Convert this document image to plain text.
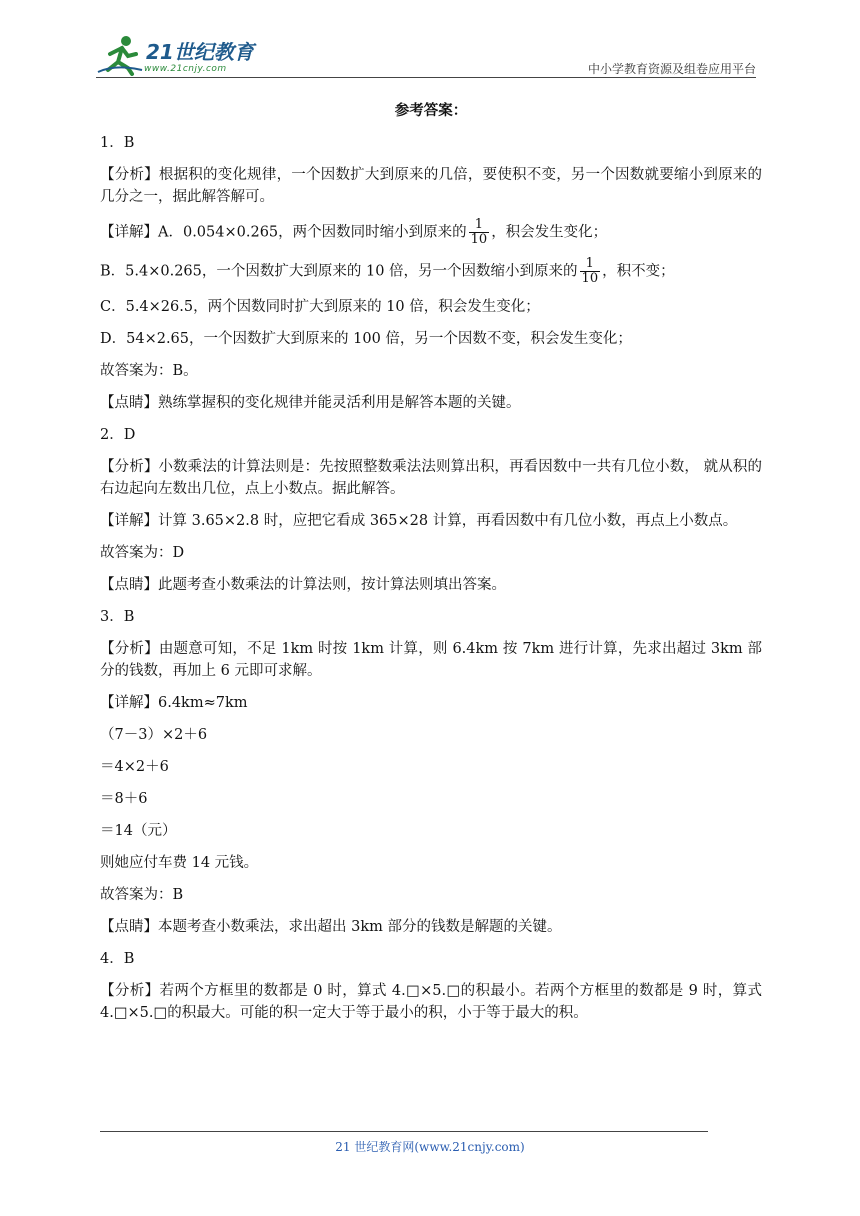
21世纪教育
www.21cnjy.com	中小学教育资源及组卷应用平台

参考答案：

1．B

【分析】根据积的变化规律，一个因数扩大到原来的几倍，要使积不变，另一个因数就要缩小到原来的几分之一，据此解答解可。

【详解】A．0.054×0.265，两个因数同时缩小到原来的 $\frac{1}{10}$ ，积会发生变化；

B．5.4×0.265，一个因数扩大到原来的 10 倍，另一个因数缩小到原来的 $\frac{1}{10}$ ，积不变；

C．5.4×26.5，两个因数同时扩大到原来的 10 倍，积会发生变化；

D．54×2.65，一个因数扩大到原来的 100 倍，另一个因数不变，积会发生变化；

故答案为：B。

【点睛】熟练掌握积的变化规律并能灵活利用是解答本题的关键。

2．D

【分析】小数乘法的计算法则是：先按照整数乘法法则算出积，再看因数中一共有几位小数， 就从积的右边起向左数出几位，点上小数点。据此解答。

【详解】计算 3.65×2.8 时，应把它看成 365×28 计算，再看因数中有几位小数，再点上小数点。

故答案为：D

【点睛】此题考查小数乘法的计算法则，按计算法则填出答案。

3．B

【分析】由题意可知，不足 1km 时按 1km 计算，则 6.4km 按 7km 进行计算，先求出超过 3km 部分的钱数，再加上 6 元即可求解。

【详解】6.4km≈7km

（7－3）×2＋6

＝4×2＋6

＝8＋6

＝14（元）

则她应付车费 14 元钱。

故答案为：B

【点睛】本题考查小数乘法，求出超出 3km 部分的钱数是解题的关键。

4．B

【分析】若两个方框里的数都是 0 时，算式 4.□×5.□的积最小。若两个方框里的数都是 9 时，算式 4.□×5.□的积最大。可能的积一定大于等于最小的积，小于等于最大的积。

21 世纪教育网(www.21cnjy.com)
